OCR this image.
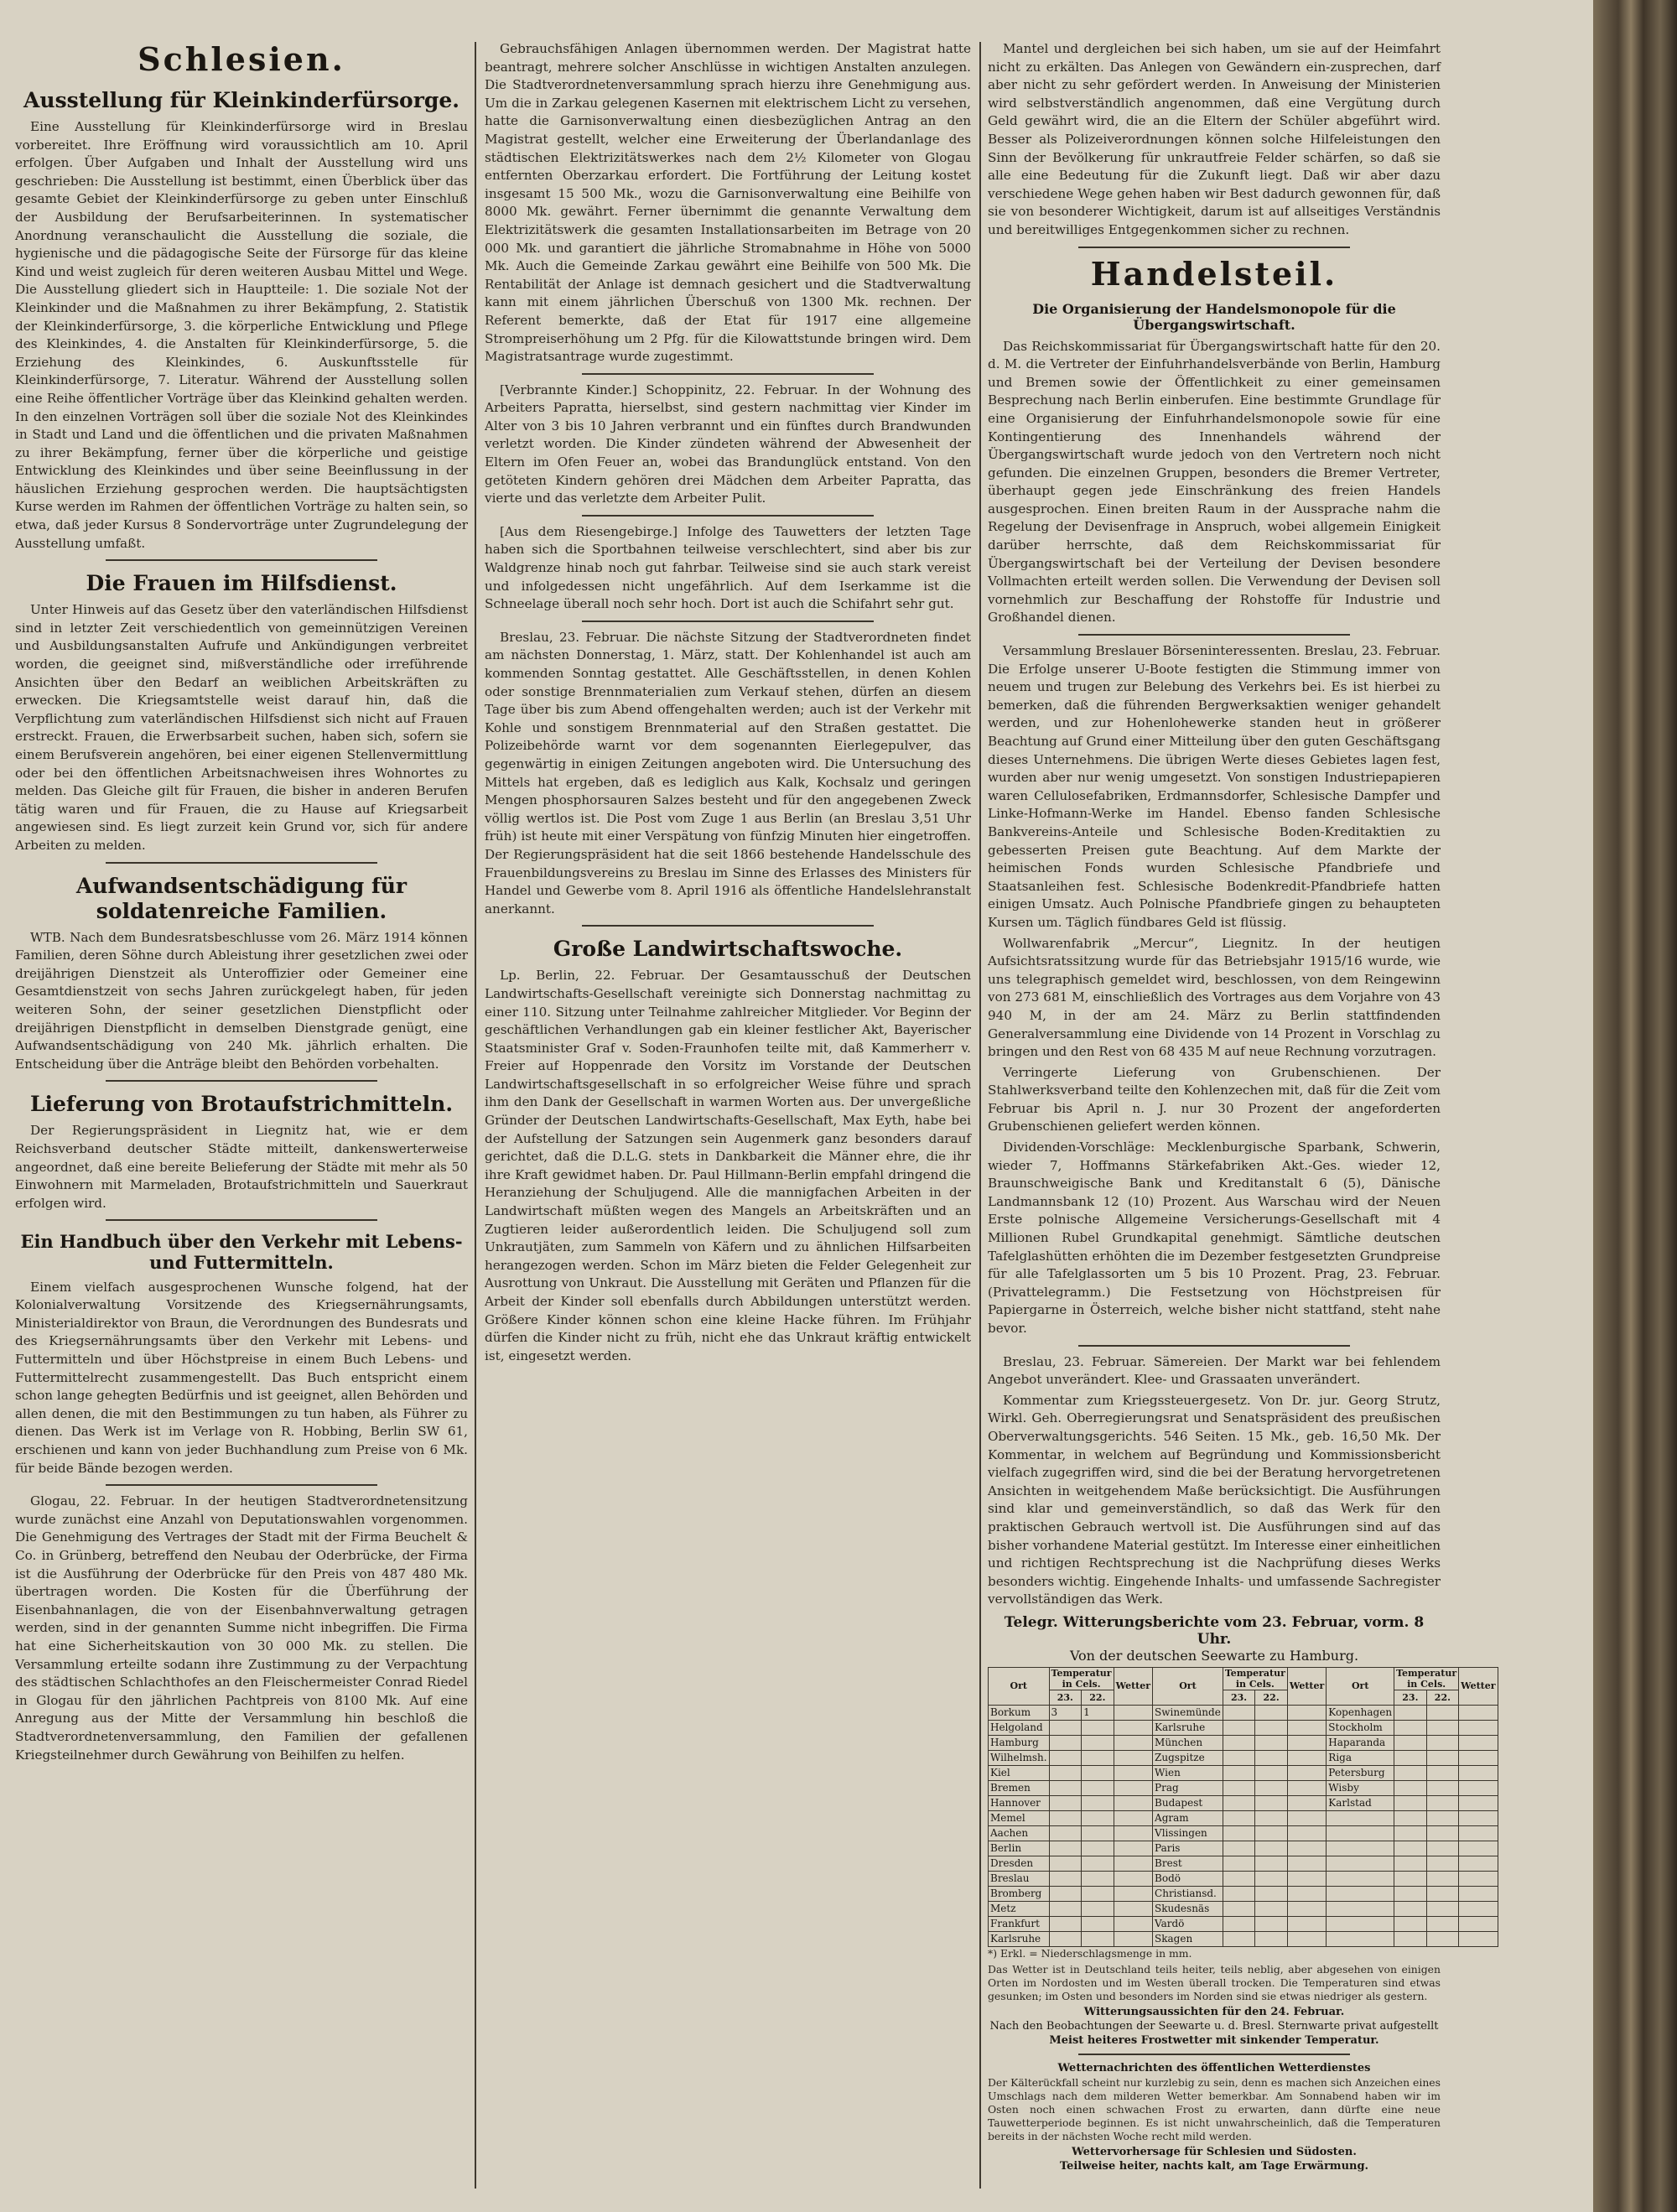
Schlesien.
Ausstellung für Kleinkinderfürsorge.

Eine Ausstellung für Kleinkinderfürsorge wird in Breslau vorbereitet. Ihre Eröffnung wird voraussichtlich am 10. April erfolgen. Über Aufgaben und Inhalt der Ausstellung wird uns geschrieben: Die Ausstellung ist bestimmt, einen Überblick über das gesamte Gebiet der Kleinkinderfürsorge zu geben unter Einschluß der Ausbildung der Berufsarbeiterinnen. In systematischer Anordnung veranschaulicht die Ausstellung die soziale, die hygienische und die pädagogische Seite der Fürsorge für das kleine Kind und weist zugleich für deren weiteren Ausbau Mittel und Wege. Die Ausstellung gliedert sich in Hauptteile: 1. Die soziale Not der Kleinkinder und die Maßnahmen zu ihrer Bekämpfung, 2. Statistik der Kleinkinderfürsorge, 3. die körperliche Entwicklung und Pflege des Kleinkindes, 4. die Anstalten für Kleinkinderfürsorge, 5. die Erziehung des Kleinkindes, 6. Auskunftsstelle für Kleinkinderfürsorge, 7. Literatur. Während der Ausstellung sollen eine Reihe öffentlicher Vorträge über das Kleinkind gehalten werden. In den einzelnen Vorträgen soll über die soziale Not des Kleinkindes in Stadt und Land und die öffentlichen und die privaten Maßnahmen zu ihrer Bekämpfung, ferner über die körperliche und geistige Entwicklung des Kleinkindes und über seine Beeinflussung in der häuslichen Erziehung gesprochen werden. Die hauptsächtigsten Kurse werden im Rahmen der öffentlichen Vorträge zu halten sein, so etwa, daß jeder Kursus 8 Sondervorträge unter Zugrundelegung der Ausstellung umfaßt.

Die Frauen im Hilfsdienst.

Unter Hinweis auf das Gesetz über den vaterländischen Hilfsdienst sind in letzter Zeit verschiedentlich von gemeinnützigen Vereinen und Ausbildungsanstalten Aufrufe und Ankündigungen verbreitet worden, die geeignet sind, mißverständliche oder irreführende Ansichten über den Bedarf an weiblichen Arbeitskräften zu erwecken. Die Kriegsamtstelle weist darauf hin, daß die Verpflichtung zum vaterländischen Hilfsdienst sich nicht auf Frauen erstreckt. Frauen, die Erwerbsarbeit suchen, haben sich, sofern sie einem Berufsverein angehören, bei einer eigenen Stellenvermittlung oder bei den öffentlichen Arbeitsnachweisen ihres Wohnortes zu melden. Das Gleiche gilt für Frauen, die bisher in anderen Berufen tätig waren und für Frauen, die zu Hause auf Kriegsarbeit angewiesen sind. Es liegt zurzeit kein Grund vor, sich für andere Arbeiten zu melden.

Aufwandsentschädigung für soldatenreiche Familien.

WTB. Nach dem Bundesratsbeschlusse vom 26. März 1914 können Familien, deren Söhne durch Ableistung ihrer gesetzlichen zwei oder dreijährigen Dienstzeit als Unteroffizier oder Gemeiner eine Gesamtdienstzeit von sechs Jahren zurückgelegt haben, für jeden weiteren Sohn, der seiner gesetzlichen Dienstpflicht oder dreijährigen Dienstpflicht in demselben Dienstgrade genügt, eine Aufwandsentschädigung von 240 Mk. jährlich erhalten. Die Entscheidung über die Anträge bleibt den Behörden vorbehalten.

Lieferung von Brotaufstrichmitteln.

Der Regierungspräsident in Liegnitz hat, wie er dem Reichsverband deutscher Städte mitteilt, dankenswerterweise angeordnet, daß eine bereite Belieferung der Städte mit mehr als 50 Einwohnern mit Marmeladen, Brotaufstrichmitteln und Sauerkraut erfolgen wird.

Ein Handbuch über den Verkehr mit Lebens- und Futtermitteln.

Einem vielfach ausgesprochenen Wunsche folgend, hat der Kolonialverwaltung Vorsitzende des Kriegsernährungsamts, Ministerialdirektor von Braun, die Verordnungen des Bundesrats und des Kriegsernährungsamts über den Verkehr mit Lebens- und Futtermitteln und über Höchstpreise in einem Buch Lebens- und Futtermittelrecht zusammengestellt. Das Buch entspricht einem schon lange gehegten Bedürfnis und ist geeignet, allen Behörden und allen denen, die mit den Bestimmungen zu tun haben, als Führer zu dienen. Das Werk ist im Verlage von R. Hobbing, Berlin SW 61, erschienen und kann von jeder Buchhandlung zum Preise von 6 Mk. für beide Bände bezogen werden.

Glogau, 22. Februar. In der heutigen Stadtverordnetensitzung wurde zunächst eine Anzahl von Deputationswahlen vorgenommen. Die Genehmigung des Vertrages der Stadt mit der Firma Beuchelt & Co. in Grünberg, betreffend den Neubau der Oderbrücke, der Firma ist die Ausführung der Oderbrücke für den Preis von 487 480 Mk. übertragen worden. Die Kosten für die Überführung der Eisenbahnanlagen, die von der Eisenbahnverwaltung getragen werden, sind in der genannten Summe nicht inbegriffen. Die Firma hat eine Sicherheitskaution von 30 000 Mk. zu stellen. Die Versammlung erteilte sodann ihre Zustimmung zu der Verpachtung des städtischen Schlachthofes an den Fleischermeister Conrad Riedel in Glogau für den jährlichen Pachtpreis von 8100 Mk. Auf eine Anregung aus der Mitte der Versammlung hin beschloß die Stadtverordnetenversammlung, den Familien der gefallenen Kriegsteilnehmer durch Gewährung von Beihilfen zu helfen.

Gebrauchsfähigen Anlagen übernommen werden. Der Magistrat hatte beantragt, mehrere solcher Anschlüsse in wichtigen Anstalten anzulegen. Die Stadtverordnetenversammlung sprach hierzu ihre Genehmigung aus. Um die in Zarkau gelegenen Kasernen mit elektrischem Licht zu versehen, hatte die Garnisonverwaltung einen diesbezüglichen Antrag an den Magistrat gestellt, welcher eine Erweiterung der Überlandanlage des städtischen Elektrizitätswerkes nach dem 2½ Kilometer von Glogau entfernten Oberzarkau erfordert. Die Fortführung der Leitung kostet insgesamt 15 500 Mk., wozu die Garnisonverwaltung eine Beihilfe von 8000 Mk. gewährt. Ferner übernimmt die genannte Verwaltung dem Elektrizitätswerk die gesamten Installationsarbeiten im Betrage von 20 000 Mk. und garantiert die jährliche Stromabnahme in Höhe von 5000 Mk. Auch die Gemeinde Zarkau gewährt eine Beihilfe von 500 Mk. Die Rentabilität der Anlage ist demnach gesichert und die Stadtverwaltung kann mit einem jährlichen Überschuß von 1300 Mk. rechnen. Der Referent bemerkte, daß der Etat für 1917 eine allgemeine Strompreiserhöhung um 2 Pfg. für die Kilowattstunde bringen wird. Dem Magistratsantrage wurde zugestimmt.

[Verbrannte Kinder.] Schoppinitz, 22. Februar. In der Wohnung des Arbeiters Papratta, hierselbst, sind gestern nachmittag vier Kinder im Alter von 3 bis 10 Jahren verbrannt und ein fünftes durch Brandwunden verletzt worden. Die Kinder zündeten während der Abwesenheit der Eltern im Ofen Feuer an, wobei das Brandunglück entstand. Von den getöteten Kindern gehören drei Mädchen dem Arbeiter Papratta, das vierte und das verletzte dem Arbeiter Pulit.

[Aus dem Riesengebirge.] Infolge des Tauwetters der letzten Tage haben sich die Sportbahnen teilweise verschlechtert, sind aber bis zur Waldgrenze hinab noch gut fahrbar. Teilweise sind sie auch stark vereist und infolgedessen nicht ungefährlich. Auf dem Iserkamme ist die Schneelage überall noch sehr hoch. Dort ist auch die Schifahrt sehr gut.

Breslau, 23. Februar. Die nächste Sitzung der Stadtverordneten findet am nächsten Donnerstag, 1. März, statt. Der Kohlenhandel ist auch am kommenden Sonntag gestattet. Alle Geschäftsstellen, in denen Kohlen oder sonstige Brennmaterialien zum Verkauf stehen, dürfen an diesem Tage über bis zum Abend offengehalten werden; auch ist der Verkehr mit Kohle und sonstigem Brennmaterial auf den Straßen gestattet. Die Polizeibehörde warnt vor dem sogenannten Eierlegepulver, das gegenwärtig in einigen Zeitungen angeboten wird. Die Untersuchung des Mittels hat ergeben, daß es lediglich aus Kalk, Kochsalz und geringen Mengen phosphorsauren Salzes besteht und für den angegebenen Zweck völlig wertlos ist. Die Post vom Zuge 1 aus Berlin (an Breslau 3,51 Uhr früh) ist heute mit einer Verspätung von fünfzig Minuten hier eingetroffen. Der Regierungspräsident hat die seit 1866 bestehende Handelsschule des Frauenbildungsvereins zu Breslau im Sinne des Erlasses des Ministers für Handel und Gewerbe vom 8. April 1916 als öffentliche Handelslehranstalt anerkannt.

Große Landwirtschaftswoche.

Lp. Berlin, 22. Februar. Der Gesamtausschuß der Deutschen Landwirtschafts-Gesellschaft vereinigte sich Donnerstag nachmittag zu einer 110. Sitzung unter Teilnahme zahlreicher Mitglieder. Vor Beginn der geschäftlichen Verhandlungen gab ein kleiner festlicher Akt, Bayerischer Staatsminister Graf v. Soden-Fraunhofen teilte mit, daß Kammerherr v. Freier auf Hoppenrade den Vorsitz im Vorstande der Deutschen Landwirtschaftsgesellschaft in so erfolgreicher Weise führe und sprach ihm den Dank der Gesellschaft in warmen Worten aus. Der unvergeßliche Gründer der Deutschen Landwirtschafts-Gesellschaft, Max Eyth, habe bei der Aufstellung der Satzungen sein Augenmerk ganz besonders darauf gerichtet, daß die D.L.G. stets in Dankbarkeit die Männer ehre, die ihr ihre Kraft gewidmet haben. Dr. Paul Hillmann-Berlin empfahl dringend die Heranziehung der Schuljugend. Alle die mannigfachen Arbeiten in der Landwirtschaft müßten wegen des Mangels an Arbeitskräften und an Zugtieren leider außerordentlich leiden. Die Schuljugend soll zum Unkrautjäten, zum Sammeln von Käfern und zu ähnlichen Hilfsarbeiten herangezogen werden. Schon im März bieten die Felder Gelegenheit zur Ausrottung von Unkraut. Die Ausstellung mit Geräten und Pflanzen für die Arbeit der Kinder soll ebenfalls durch Abbildungen unterstützt werden. Größere Kinder können schon eine kleine Hacke führen. Im Frühjahr dürfen die Kinder nicht zu früh, nicht ehe das Unkraut kräftig entwickelt ist, eingesetzt werden.

Mantel und dergleichen bei sich haben, um sie auf der Heimfahrt nicht zu erkälten. Das Anlegen von Gewändern ein-zusprechen, darf aber nicht zu sehr gefördert werden. In Anweisung der Ministerien wird selbstverständlich angenommen, daß eine Vergütung durch Geld gewährt wird, die an die Eltern der Schüler abgeführt wird. Besser als Polizeiverordnungen können solche Hilfeleistungen den Sinn der Bevölkerung für unkrautfreie Felder schärfen, so daß sie alle eine Bedeutung für die Zukunft liegt. Daß wir aber dazu verschiedene Wege gehen haben wir Best dadurch gewonnen für, daß sie von besonderer Wichtigkeit, darum ist auf allseitiges Verständnis und bereitwilliges Entgegenkommen sicher zu rechnen.

Handelsteil.
Die Organisierung der Handelsmonopole für die Übergangswirtschaft.

Das Reichskommissariat für Übergangswirtschaft hatte für den 20. d. M. die Vertreter der Einfuhrhandelsverbände von Berlin, Hamburg und Bremen sowie der Öffentlichkeit zu einer gemeinsamen Besprechung nach Berlin einberufen. Eine bestimmte Grundlage für eine Organisierung der Einfuhrhandelsmonopole sowie für eine Kontingentierung des Innenhandels während der Übergangswirtschaft wurde jedoch von den Vertretern noch nicht gefunden. Die einzelnen Gruppen, besonders die Bremer Vertreter, überhaupt gegen jede Einschränkung des freien Handels ausgesprochen. Einen breiten Raum in der Aussprache nahm die Regelung der Devisenfrage in Anspruch, wobei allgemein Einigkeit darüber herrschte, daß dem Reichskommissariat für Übergangswirtschaft bei der Verteilung der Devisen besondere Vollmachten erteilt werden sollen. Die Verwendung der Devisen soll vornehmlich zur Beschaffung der Rohstoffe für Industrie und Großhandel dienen.

Versammlung Breslauer Börseninteressenten. Breslau, 23. Februar. Die Erfolge unserer U-Boote festigten die Stimmung immer von neuem und trugen zur Belebung des Verkehrs bei. Es ist hierbei zu bemerken, daß die führenden Bergwerksaktien weniger gehandelt werden, und zur Hohenlohewerke standen heut in größerer Beachtung auf Grund einer Mitteilung über den guten Geschäftsgang dieses Unternehmens. Die übrigen Werte dieses Gebietes lagen fest, wurden aber nur wenig umgesetzt. Von sonstigen Industriepapieren waren Cellulosefabriken, Erdmannsdorfer, Schlesische Dampfer und Linke-Hofmann-Werke im Handel. Ebenso fanden Schlesische Bankvereins-Anteile und Schlesische Boden-Kreditaktien zu gebesserten Preisen gute Beachtung. Auf dem Markte der heimischen Fonds wurden Schlesische Pfandbriefe und Staatsanleihen fest. Schlesische Bodenkredit-Pfandbriefe hatten einigen Umsatz. Auch Polnische Pfandbriefe gingen zu behaupteten Kursen um. Täglich fündbares Geld ist flüssig.

Wollwarenfabrik „Mercur“, Liegnitz. In der heutigen Aufsichtsratssitzung wurde für das Betriebsjahr 1915/16 wurde, wie uns telegraphisch gemeldet wird, beschlossen, von dem Reingewinn von 273 681 M, einschließlich des Vortrages aus dem Vorjahre von 43 940 M, in der am 24. März zu Berlin stattfindenden Generalversammlung eine Dividende von 14 Prozent in Vorschlag zu bringen und den Rest von 68 435 M auf neue Rechnung vorzutragen.

Verringerte Lieferung von Grubenschienen. Der Stahlwerksverband teilte den Kohlenzechen mit, daß für die Zeit vom Februar bis April n. J. nur 30 Prozent der angeforderten Grubenschienen geliefert werden können.

Dividenden-Vorschläge: Mecklenburgische Sparbank, Schwerin, wieder 7, Hoffmanns Stärkefabriken Akt.-Ges. wieder 12, Braunschweigische Bank und Kreditanstalt 6 (5), Dänische Landmannsbank 12 (10) Prozent. Aus Warschau wird der Neuen Erste polnische Allgemeine Versicherungs-Gesellschaft mit 4 Millionen Rubel Grundkapital genehmigt. Sämtliche deutschen Tafelglashütten erhöhten die im Dezember festgesetzten Grundpreise für alle Tafelglassorten um 5 bis 10 Prozent. Prag, 23. Februar. (Privattelegramm.) Die Festsetzung von Höchstpreisen für Papiergarne in Österreich, welche bisher nicht stattfand, steht nahe bevor.

Breslau, 23. Februar. Sämereien. Der Markt war bei fehlendem Angebot unverändert. Klee- und Grassaaten unverändert.

Kommentar zum Kriegssteuergesetz. Von Dr. jur. Georg Strutz, Wirkl. Geh. Oberregierungsrat und Senatspräsident des preußischen Oberverwaltungsgerichts. 546 Seiten. 15 Mk., geb. 16,50 Mk. Der Kommentar, in welchem auf Begründung und Kommissionsbericht vielfach zugegriffen wird, sind die bei der Beratung hervorgetretenen Ansichten in weitgehendem Maße berücksichtigt. Die Ausführungen sind klar und gemeinverständlich, so daß das Werk für den praktischen Gebrauch wertvoll ist. Die Ausführungen sind auf das bisher vorhandene Material gestützt. Im Interesse einer einheitlichen und richtigen Rechtsprechung ist die Nachprüfung dieses Werks besonders wichtig. Eingehende Inhalts- und umfassende Sachregister vervollständigen das Werk.

Telegr. Witterungsberichte vom 23. Februar, vorm. 8 Uhr.
Von der deutschen Seewarte zu Hamburg.
Ort	Temperatur in Cels.		Wetter	Ort	Temperatur in Cels.		Wetter	Ort	Temperatur in Cels.		Wetter
	23.	22.			23.	22.			23.	22.	
Borkum	3	1		Swinemünde				Kopenhagen			
Helgoland				Karlsruhe				Stockholm			
Hamburg				München				Haparanda			
Wilhelmsh.				Zugspitze				Riga			
Kiel				Wien				Petersburg			
Bremen				Prag				Wisby			
Hannover				Budapest				Karlstad			
Memel				Agram							
Aachen				Vlissingen							
Berlin				Paris							
Dresden				Brest							
Breslau				Bodö							
Bromberg				Christiansd.							
Metz				Skudesnäs							
Frankfurt				Vardö							
Karlsruhe				Skagen							

*) Erkl. = Niederschlagsmenge in mm.

Das Wetter ist in Deutschland teils heiter, teils neblig, aber abgesehen von einigen Orten im Nordosten und im Westen überall trocken. Die Temperaturen sind etwas gesunken; im Osten und besonders im Norden sind sie etwas niedriger als gestern.

Witterungsaussichten für den 24. Februar.
Nach den Beobachtungen der Seewarte u. d. Bresl. Sternwarte privat aufgestellt
Meist heiteres Frostwetter mit sinkender Temperatur.
Wetternachrichten des öffentlichen Wetterdienstes

Der Kälterückfall scheint nur kurzlebig zu sein, denn es machen sich Anzeichen eines Umschlags nach dem milderen Wetter bemerkbar. Am Sonnabend haben wir im Osten noch einen schwachen Frost zu erwarten, dann dürfte eine neue Tauwetterperiode beginnen. Es ist nicht unwahrscheinlich, daß die Temperaturen bereits in der nächsten Woche recht mild werden.

Wettervorhersage für Schlesien und Südosten.
Teilweise heiter, nachts kalt, am Tage Erwärmung.
